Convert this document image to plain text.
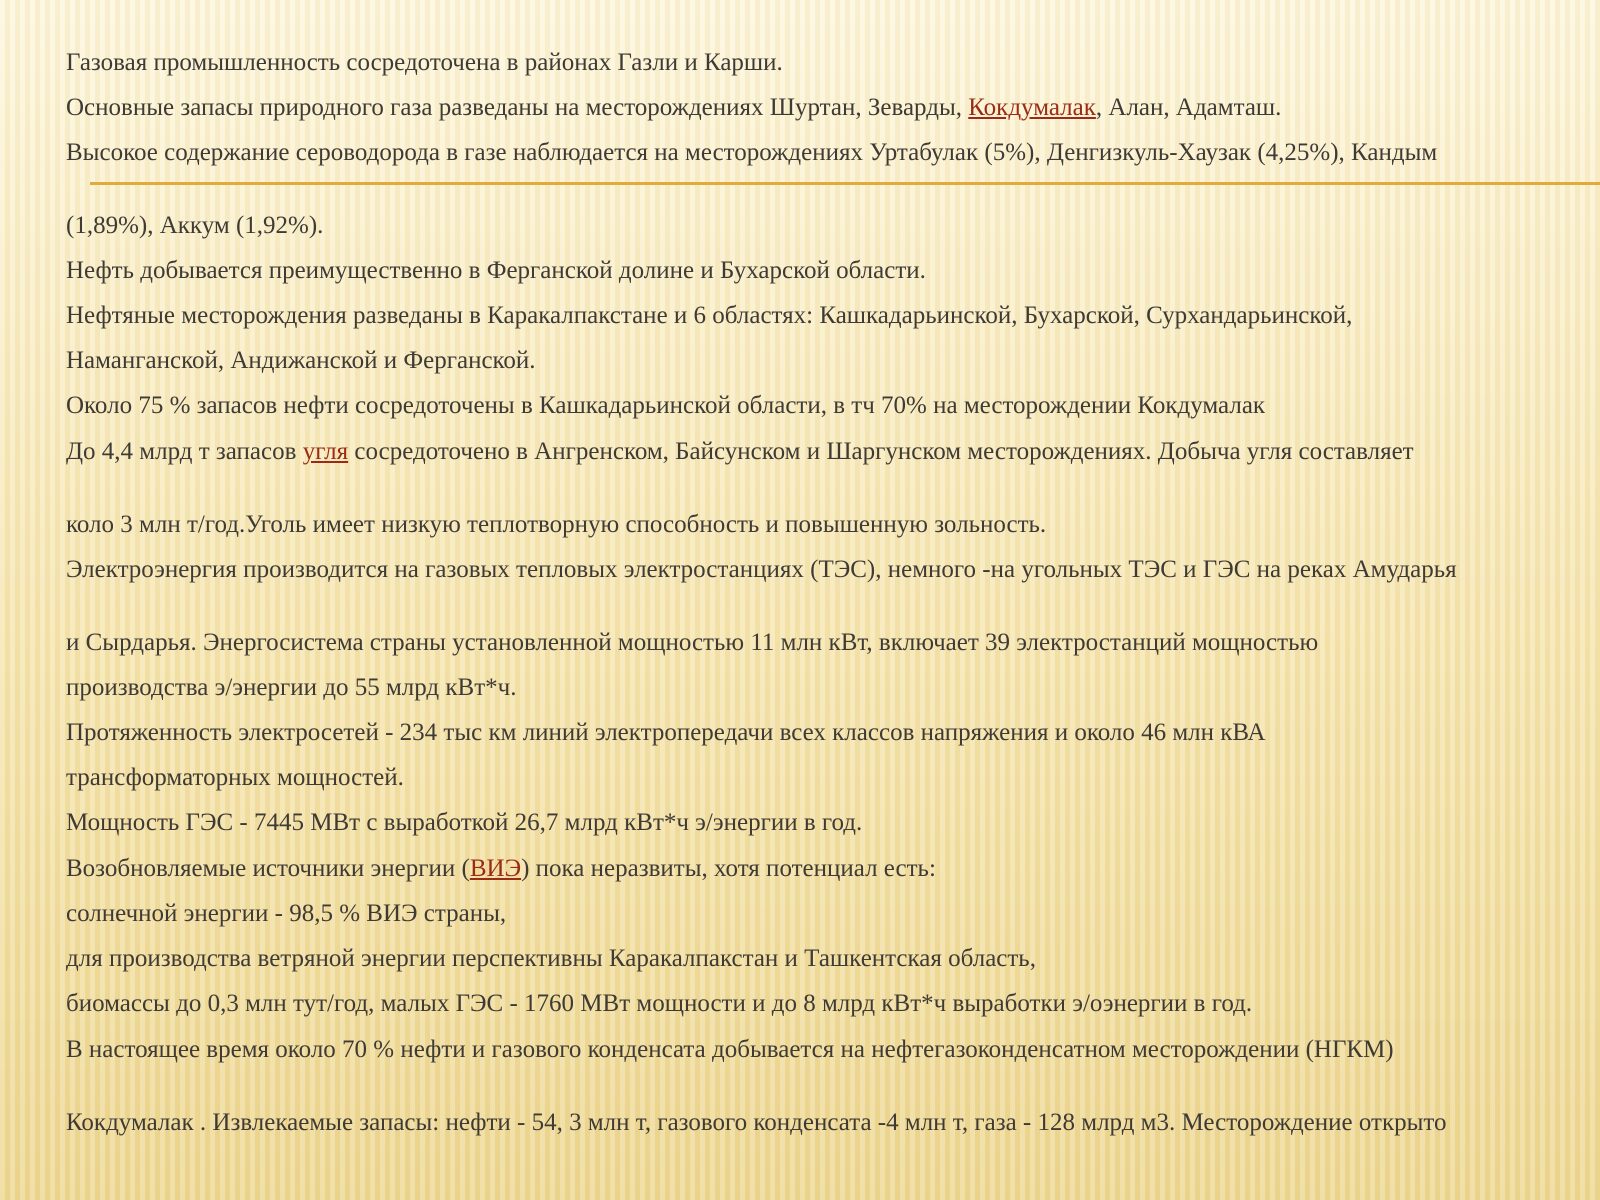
Газовая промышленность сосредоточена в районах Газли и Карши.

Основные запасы природного газа разведаны на месторождениях Шуртан, Зеварды, Кокдумалак, Алан, Адамташ.

Высокое содержание сероводорода в газе наблюдается на месторождениях Уртабулак (5%), Денгизкуль-Хаузак (4,25%), Кандым

(1,89%), Аккум (1,92%).

Нефть добывается преимущественно в Ферганской долине и Бухарской области.

Нефтяные месторождения разведаны в Каракалпакстане и 6 областях: Кашкадарьинской, Бухарской, Сурхандарьинской,

Наманганской, Андижанской и Ферганской.

Около 75 % запасов нефти сосредоточены в Кашкадарьинской области, в тч 70% на месторождении Кокдумалак

До 4,4 млрд т запасов угля сосредоточено в Ангренском, Байсунском и Шаргунском месторождениях. Добыча угля составляет

коло 3 млн т/год.Уголь имеет низкую теплотворную способность и повышенную зольность.

Электроэнергия производится на газовых тепловых электростанциях (ТЭС), немного -на угольных ТЭС и ГЭС на реках Амударья

и Сырдарья. Энергосистема страны установленной мощностью 11 млн кВт, включает 39 электростанций мощностью

производства э/энергии до 55 млрд кВт*ч.

Протяженность электросетей - 234 тыс км линий электропередачи всех классов напряжения и около 46 млн кВА

трансформаторных мощностей.

Мощность ГЭС - 7445 МВт с выработкой 26,7 млрд кВт*ч э/энергии в год.

Возобновляемые источники энергии (ВИЭ) пока неразвиты, хотя потенциал есть:

солнечной энергии - 98,5 % ВИЭ страны,

для производства ветряной энергии перспективны Каракалпакстан и Ташкентская область,

биомассы до 0,3 млн тут/год, малых ГЭС - 1760 МВт мощности и до 8 млрд кВт*ч выработки э/оэнергии в год.

В настоящее время около 70 % нефти и газового конденсата добывается на нефтегазоконденсатном месторождении (НГКМ)

Кокдумалак . Извлекаемые запасы: нефти - 54, 3 млн т, газового конденсата -4 млн т, газа - 128 млрд м3. Месторождение открыто
